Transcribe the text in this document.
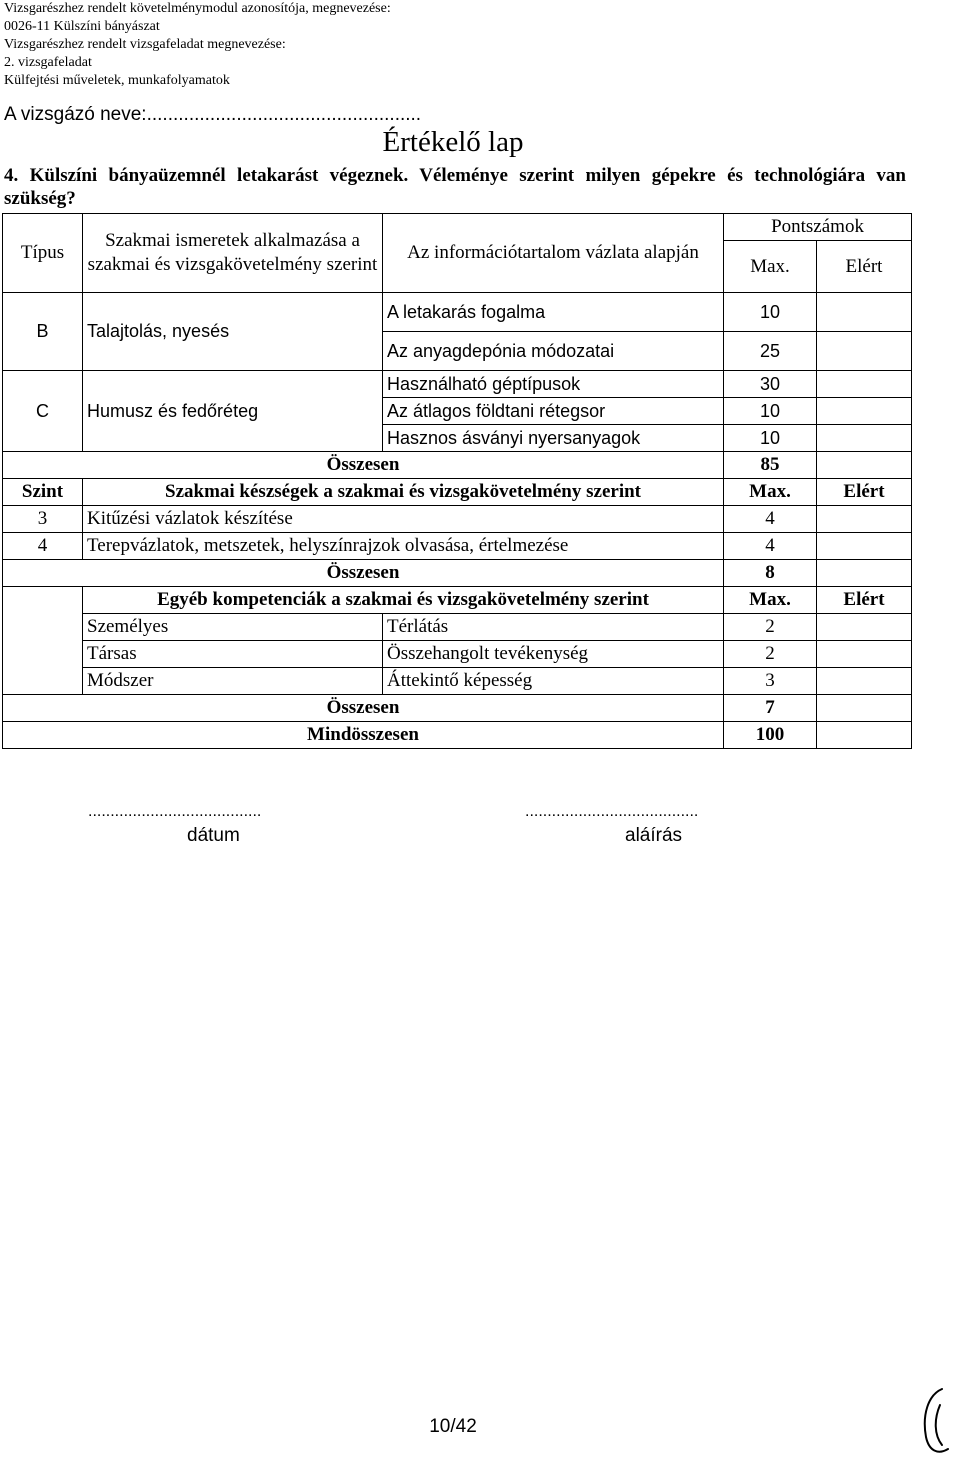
Vizsgarészhez rendelt követelménymodul azonosítója, megnevezése:
0026-11 Külszíni bányászat
Vizsgarészhez rendelt vizsgafeladat megnevezése:
2. vizsgafeladat
Külfejtési műveletek, munkafolyamatok
A vizsgázó neve:....................................................
Értékelő lap
4. Külszíni bányaüzemnél letakarást végeznek. Véleménye szerint milyen gépekre és technológiára van szükség?
Típus	Szakmai ismeretek alkalmazása a szakmai és vizsgakövetelmény szerint	Az információtartalom vázlata alapján	Pontszámok	
			Max.	Elért
B	Talajtolás, nyesés	A letakarás fogalma	10	
		Az anyagdepónia módozatai	25	
C	Humusz és fedőréteg	Használható géptípusok	30	
		Az átlagos földtani rétegsor	10	
		Hasznos ásványi nyersanyagok	10	
Összesen			85	
Szint	Szakmai készségek a szakmai és vizsgakövetelmény szerint		Max.	Elért
3	Kitűzési vázlatok készítése		4	
4	Terepvázlatok, metszetek, helyszínrajzok olvasása, értelmezése		4	
Összesen			8	
	Egyéb kompetenciák a szakmai és vizsgakövetelmény szerint		Max.	Elért
	Személyes	Térlátás	2	
	Társas	Összehangolt tevékenység	2	
	Módszer	Áttekintő képesség	3	
Összesen			7	
Mindösszesen			100	
.......................................
dátum
.......................................
aláírás
10/42
